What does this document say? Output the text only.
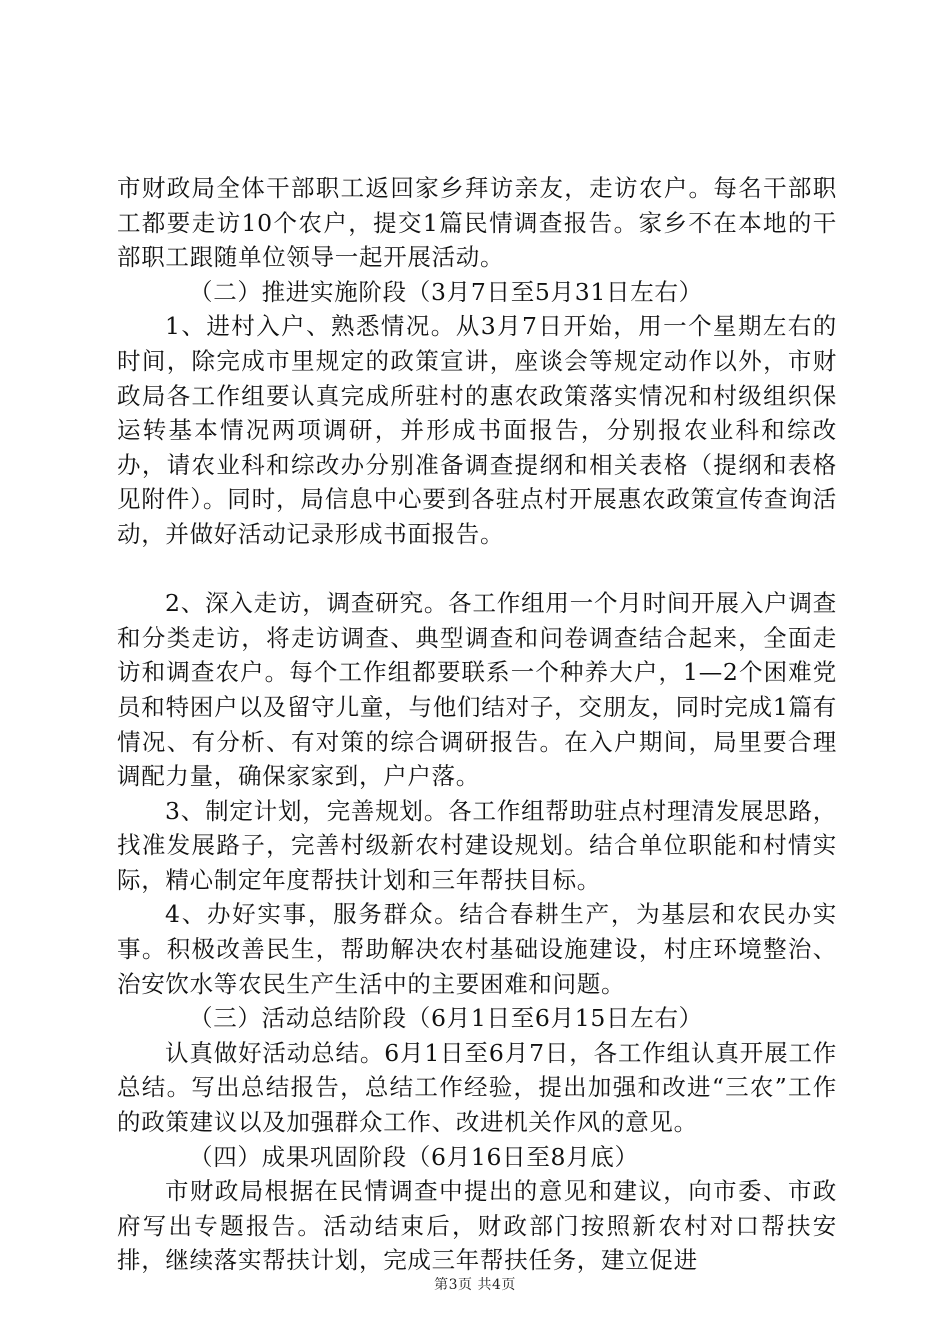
市财政局全体干部职工返回家乡拜访亲友，走访农户。每名干部职工都要走访10个农户，提交1篇民情调查报告。家乡不在本地的干部职工跟随单位领导一起开展活动。

（二）推进实施阶段（3月7日至5月31日左右）

1、进村入户、熟悉情况。从3月7日开始，用一个星期左右的时间，除完成市里规定的政策宣讲，座谈会等规定动作以外，市财政局各工作组要认真完成所驻村的惠农政策落实情况和村级组织保运转基本情况两项调研，并形成书面报告，分别报农业科和综改办，请农业科和综改办分别准备调查提纲和相关表格（提纲和表格见附件）。同时，局信息中心要到各驻点村开展惠农政策宣传查询活动，并做好活动记录形成书面报告。

2、深入走访，调查研究。各工作组用一个月时间开展入户调查和分类走访，将走访调查、典型调查和问卷调查结合起来，全面走访和调查农户。每个工作组都要联系一个种养大户，1—2个困难党员和特困户以及留守儿童，与他们结对子，交朋友，同时完成1篇有情况、有分析、有对策的综合调研报告。在入户期间，局里要合理调配力量，确保家家到，户户落。

3、制定计划，完善规划。各工作组帮助驻点村理清发展思路，找准发展路子，完善村级新农村建设规划。结合单位职能和村情实际，精心制定年度帮扶计划和三年帮扶目标。

4、办好实事，服务群众。结合春耕生产，为基层和农民办实事。积极改善民生，帮助解决农村基础设施建设，村庄环境整治、治安饮水等农民生产生活中的主要困难和问题。

（三）活动总结阶段（6月1日至6月15日左右）

认真做好活动总结。6月1日至6月7日，各工作组认真开展工作总结。写出总结报告，总结工作经验，提出加强和改进“三农”工作的政策建议以及加强群众工作、改进机关作风的意见。

（四）成果巩固阶段（6月16日至8月底）

市财政局根据在民情调查中提出的意见和建议，向市委、市政府写出专题报告。活动结束后，财政部门按照新农村对口帮扶安排，继续落实帮扶计划，完成三年帮扶任务，建立促进

第3页 共4页
